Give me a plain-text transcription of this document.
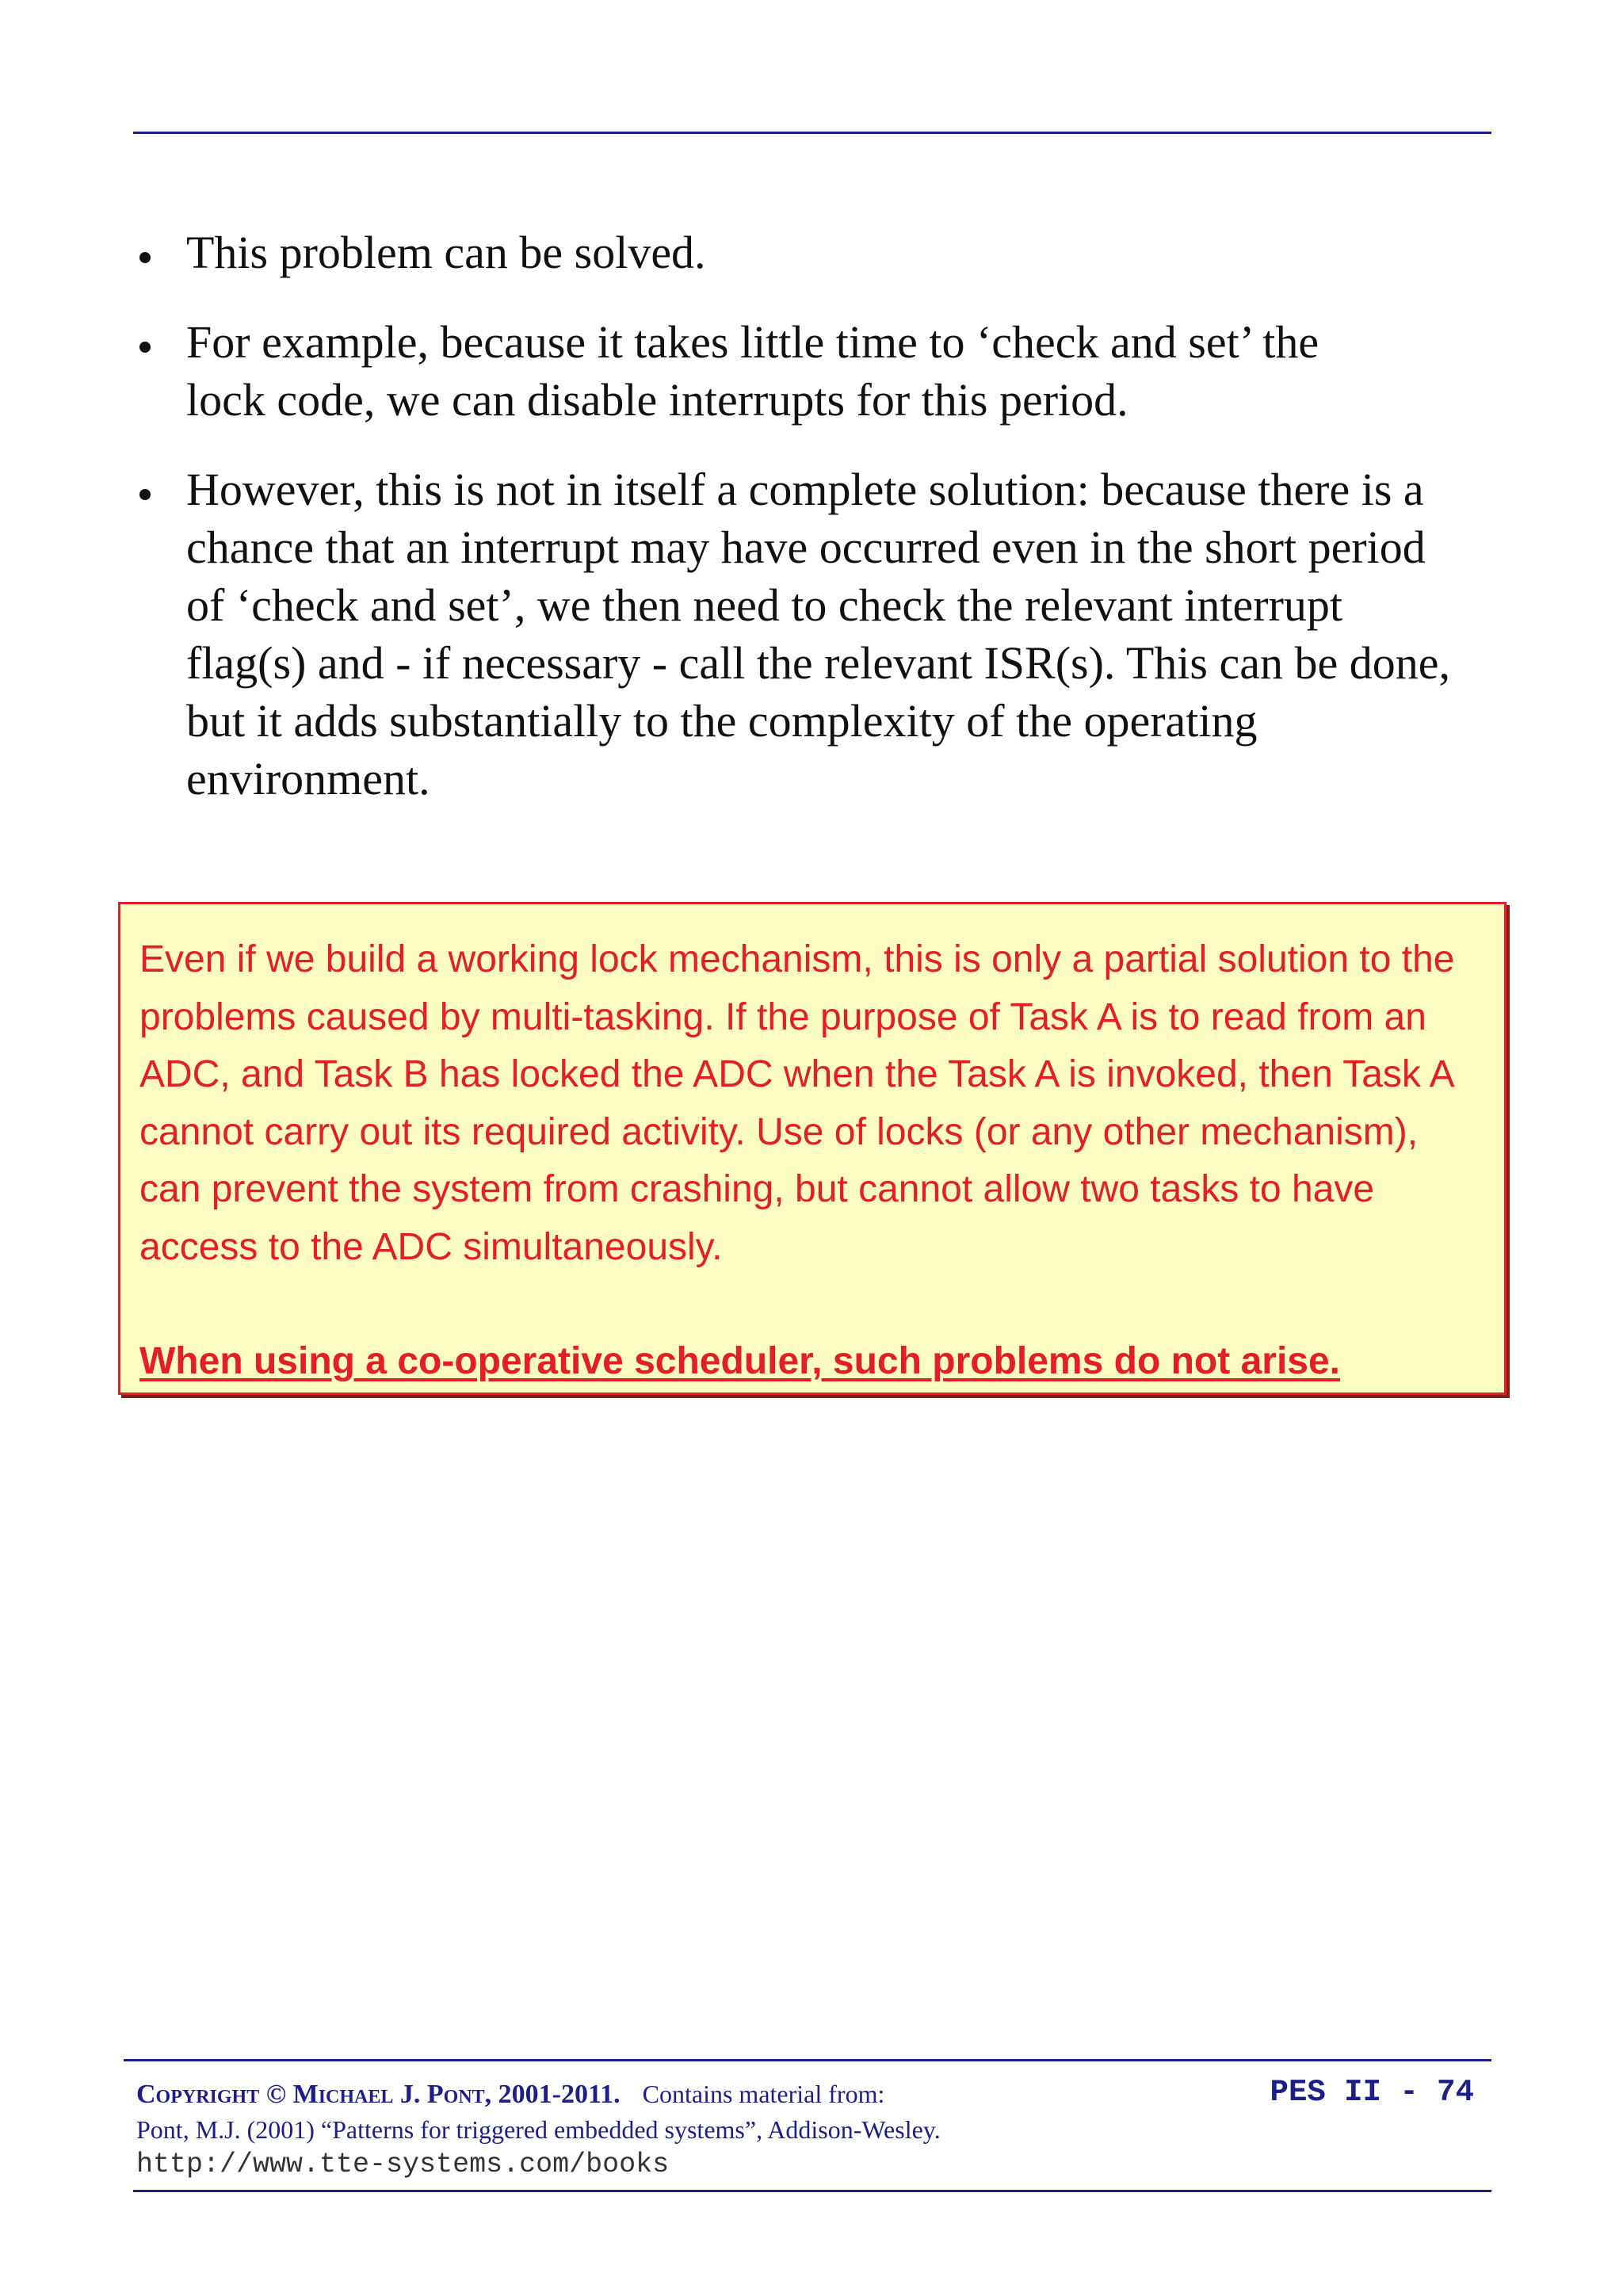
This problem can be solved.
For example, because it takes little time to ‘check and set’ the lock code, we can disable interrupts for this period.
However, this is not in itself a complete solution: because there is a chance that an interrupt may have occurred even in the short period of ‘check and set’, we then need to check the relevant interrupt flag(s) and - if necessary - call the relevant ISR(s). This can be done, but it adds substantially to the complexity of the operating environment.

Even if we build a working lock mechanism, this is only a partial solution to the problems caused by multi-tasking. If the purpose of Task A is to read from an ADC, and Task B has locked the ADC when the Task A is invoked, then Task A cannot carry out its required activity. Use of locks (or any other mechanism), can prevent the system from crashing, but cannot allow two tasks to have access to the ADC simultaneously.

When using a co-operative scheduler, such problems do not arise.

Copyright © Michael J. Pont, 2001-2011. Contains material from:
Pont, M.J. (2001) “Patterns for triggered embedded systems”, Addison-Wesley.
http://www.tte-systems.com/books
PES II - 74
